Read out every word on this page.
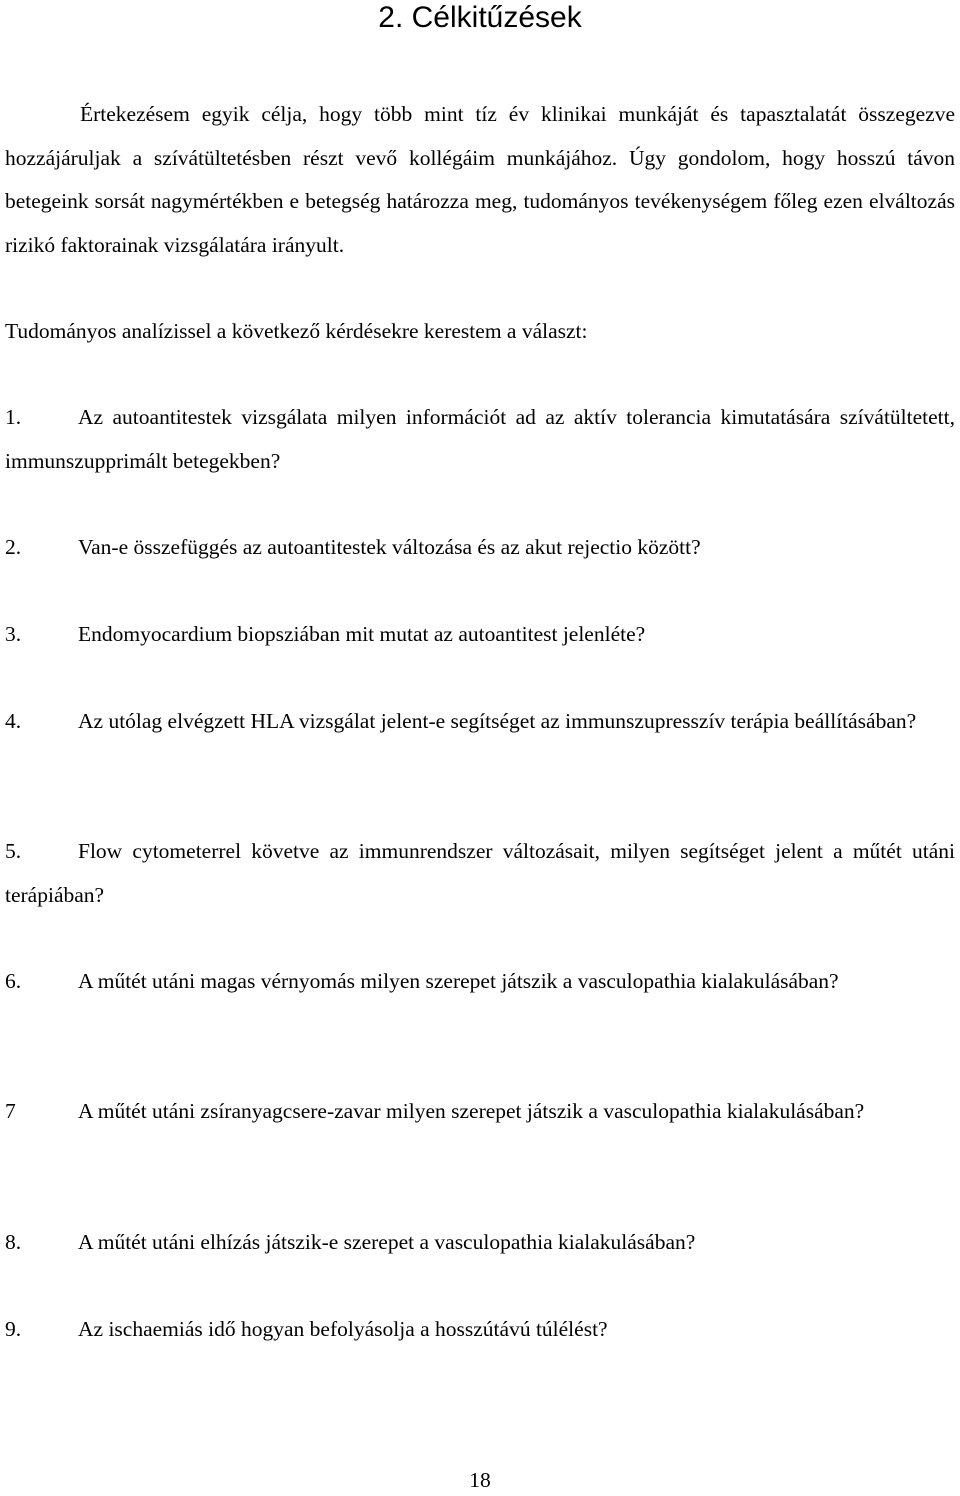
2. Célkitűzések

Értekezésem egyik célja, hogy több mint tíz év klinikai munkáját és tapasztalatát összegezve hozzájáruljak a szívátültetésben részt vevő kollégáim munkájához. Úgy gondolom, hogy hosszú távon betegeink sorsát nagymértékben e betegség határozza meg, tudományos tevékenységem főleg ezen elváltozás rizikó faktorainak vizsgálatára irányult.

Tudományos analízissel a következő kérdésekre kerestem a választ:

1.	Az autoantitestek vizsgálata milyen információt ad az aktív tolerancia kimutatására szívátültetett, immunszupprimált betegekben?

2.	Van-e összefüggés az autoantitestek változása és az akut rejectio között?

3.	Endomyocardium biopsziában mit mutat az autoantitest jelenléte?

4.	Az utólag elvégzett HLA vizsgálat jelent-e segítséget az immunszupresszív terápia beállításában?

5.	Flow cytometerrel követve az immunrendszer változásait, milyen segítséget jelent a műtét utáni terápiában?

6.	A műtét utáni magas vérnyomás milyen szerepet játszik a vasculopathia kialakulásában?

7	A műtét utáni zsíranyagcsere-zavar milyen szerepet játszik a vasculopathia kialakulásában?

8.	A műtét utáni elhízás játszik-e szerepet a vasculopathia kialakulásában?

9.	Az ischaemiás idő hogyan befolyásolja a hosszútávú túlélést?

18
